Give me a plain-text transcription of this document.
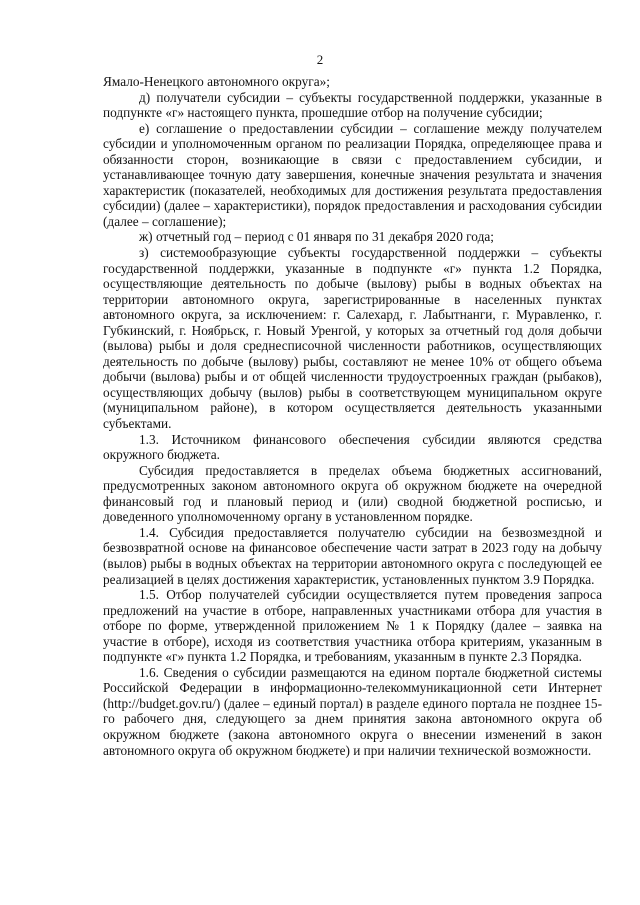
2

Ямало-Ненецкого автономного округа»;

д) получатели субсидии – субъекты государственной поддержки, указанные в подпункте «г» настоящего пункта, прошедшие отбор на получение субсидии;

е) соглашение о предоставлении субсидии – соглашение между получателем субсидии и уполномоченным органом по реализации Порядка, определяющее права и обязанности сторон, возникающие в связи с предоставлением субсидии, и устанавливающее точную дату завершения, конечные значения результата и значения характеристик (показателей, необходимых для достижения результата предоставления субсидии) (далее – характеристики), порядок предоставления и расходования субсидии (далее – соглашение);

ж) отчетный год – период с 01 января по 31 декабря 2020 года;

з) системообразующие субъекты государственной поддержки – субъекты государственной поддержки, указанные в подпункте «г» пункта 1.2 Порядка, осуществляющие деятельность по добыче (вылову) рыбы в водных объектах на территории автономного округа, зарегистрированные в населенных пунктах автономного округа, за исключением: г. Салехард, г. Лабытнанги, г. Муравленко, г. Губкинский, г. Ноябрьск, г. Новый Уренгой, у которых за отчетный год доля добычи (вылова) рыбы и доля среднесписочной численности работников, осуществляющих деятельность по добыче (вылову) рыбы, составляют не менее 10% от общего объема добычи (вылова) рыбы и от общей численности трудоустроенных граждан (рыбаков), осуществляющих добычу (вылов) рыбы в соответствующем муниципальном округе (муниципальном районе), в котором осуществляется деятельность указанными субъектами.

1.3. Источником финансового обеспечения субсидии являются средства окружного бюджета.

Субсидия предоставляется в пределах объема бюджетных ассигнований, предусмотренных законом автономного округа об окружном бюджете на очередной финансовый год и плановый период и (или) сводной бюджетной росписью, и доведенного уполномоченному органу в установленном порядке.

1.4. Субсидия предоставляется получателю субсидии на безвозмездной и безвозвратной основе на финансовое обеспечение части затрат в 2023 году на добычу (вылов) рыбы в водных объектах на территории автономного округа с последующей ее реализацией в целях достижения характеристик, установленных пунктом 3.9 Порядка.

1.5. Отбор получателей субсидии осуществляется путем проведения запроса предложений на участие в отборе, направленных участниками отбора для участия в отборе по форме, утвержденной приложением № 1 к Порядку (далее – заявка на участие в отборе), исходя из соответствия участника отбора критериям, указанным в подпункте «г» пункта 1.2 Порядка, и требованиям, указанным в пункте 2.3 Порядка.

1.6. Сведения о субсидии размещаются на едином портале бюджетной системы Российской Федерации в информационно-телекоммуникационной сети Интернет (http://budget.gov.ru/) (далее – единый портал) в разделе единого портала не позднее 15-го рабочего дня, следующего за днем принятия закона автономного округа об окружном бюджете (закона автономного округа о внесении изменений в закон автономного округа об окружном бюджете) и при наличии технической возможности.
